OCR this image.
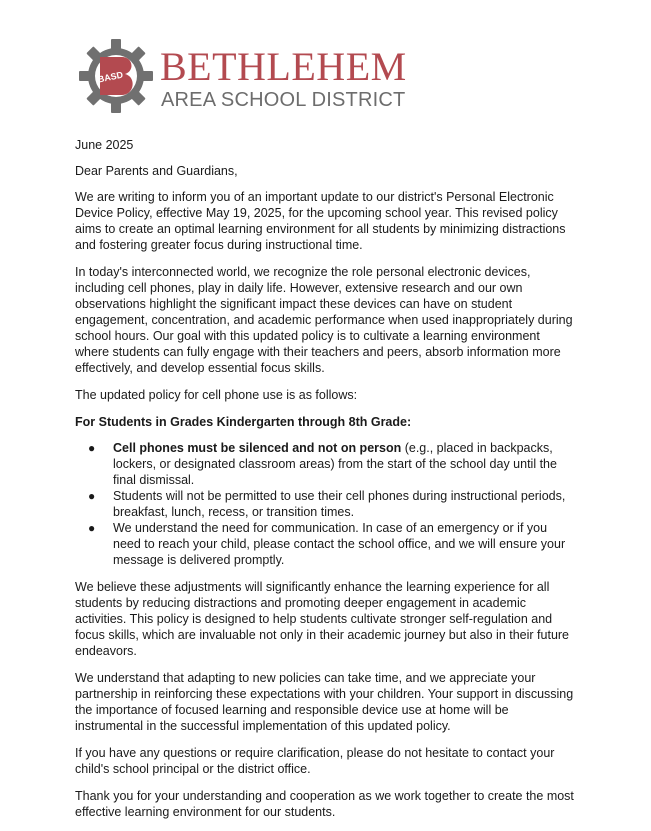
BASD BETHLEHEM
AREA SCHOOL DISTRICT

June 2025

Dear Parents and Guardians,

We are writing to inform you of an important update to our district's Personal Electronic Device Policy, effective May 19, 2025, for the upcoming school year. This revised policy aims to create an optimal learning environment for all students by minimizing distractions and fostering greater focus during instructional time.

In today's interconnected world, we recognize the role personal electronic devices, including cell phones, play in daily life. However, extensive research and our own observations highlight the significant impact these devices can have on student engagement, concentration, and academic performance when used inappropriately during school hours. Our goal with this updated policy is to cultivate a learning environment where students can fully engage with their teachers and peers, absorb information more effectively, and develop essential focus skills.

The updated policy for cell phone use is as follows:

For Students in Grades Kindergarten through 8th Grade:

● Cell phones must be silenced and not on person (e.g., placed in backpacks, lockers, or designated classroom areas) from the start of the school day until the final dismissal.
● Students will not be permitted to use their cell phones during instructional periods, breakfast, lunch, recess, or transition times.
● We understand the need for communication. In case of an emergency or if you need to reach your child, please contact the school office, and we will ensure your message is delivered promptly.

We believe these adjustments will significantly enhance the learning experience for all students by reducing distractions and promoting deeper engagement in academic activities. This policy is designed to help students cultivate stronger self-regulation and focus skills, which are invaluable not only in their academic journey but also in their future endeavors.

We understand that adapting to new policies can take time, and we appreciate your partnership in reinforcing these expectations with your children. Your support in discussing the importance of focused learning and responsible device use at home will be instrumental in the successful implementation of this updated policy.

If you have any questions or require clarification, please do not hesitate to contact your child's school principal or the district office.

Thank you for your understanding and cooperation as we work together to create the most effective learning environment for our students.
